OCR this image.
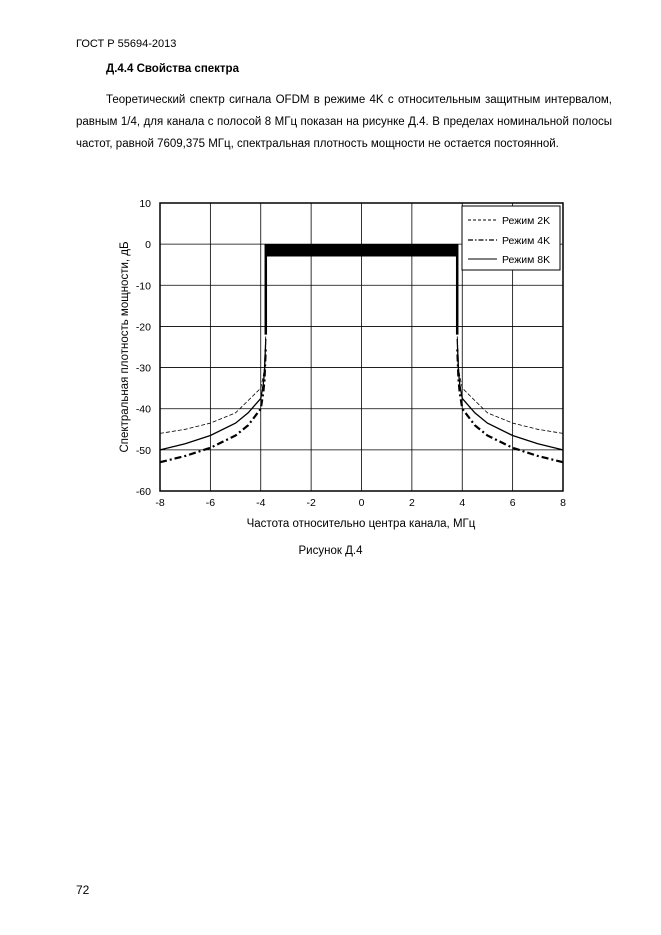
ГОСТ Р 55694-2013
Д.4.4 Свойства спектра

Теоретический спектр сигнала OFDM в режиме 4K с относительным защитным интервалом, равным 1/4, для канала с полосой 8 МГц показан на рисунке Д.4. В пределах номинальной полосы частот, равной 7609,375 МГц, спектральная плотность мощности не остается постоянной.

-8	-6	-4	-2	0	2	4	6	8
10
0
-10
-20
-30
-40
-50
-60
Режим 2K
Режим 4K
Режим 8K
Частота относительно центра канала, МГц
Спектральная плотность мощности, дБ
Рисунок Д.4
72
